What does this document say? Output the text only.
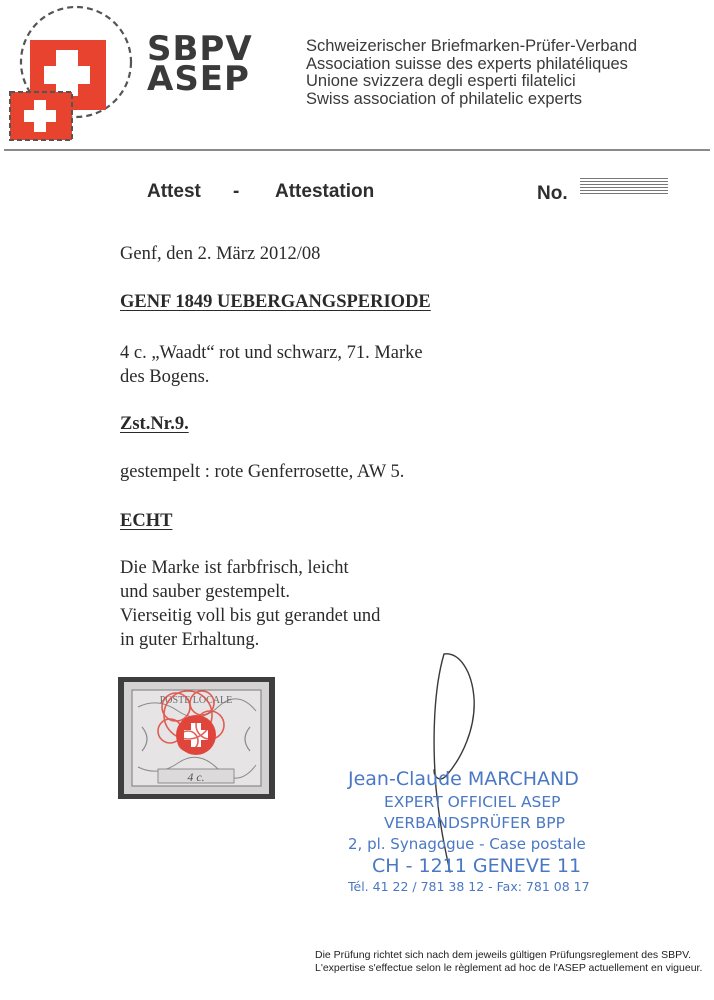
SBPV
ASEP
Schweizerischer Briefmarken-Prüfer-Verband
Association suisse des experts philatéliques
Unione svizzera degli esperti filatelici
Swiss association of philatelic experts
Attest - Attestation	No.
Genf, den 2. März 2012/08
GENF 1849 UEBERGANGSPERIODE
4 c. „Waadt“ rot und schwarz, 71. Marke
des Bogens.
Zst.Nr.9.
gestempelt : rote Genferrosette, AW 5.
ECHT
Die Marke ist farbfrisch, leicht
und sauber gestempelt.
Vierseitig voll bis gut gerandet und
in guter Erhaltung.
POSTE LOCALE
4 c.	Jean-Claude MARCHAND
EXPERT OFFICIEL ASEP
VERBANDSPRÜFER BPP
2, pl. Synagogue - Case postale
CH - 1211 GENEVE 11
Tél. 41 22 / 781 38 12 - Fax: 781 08 17
Die Prüfung richtet sich nach dem jeweils gültigen Prüfungsreglement des SBPV.
L'expertise s'effectue selon le règlement ad hoc de l'ASEP actuellement en vigueur.
